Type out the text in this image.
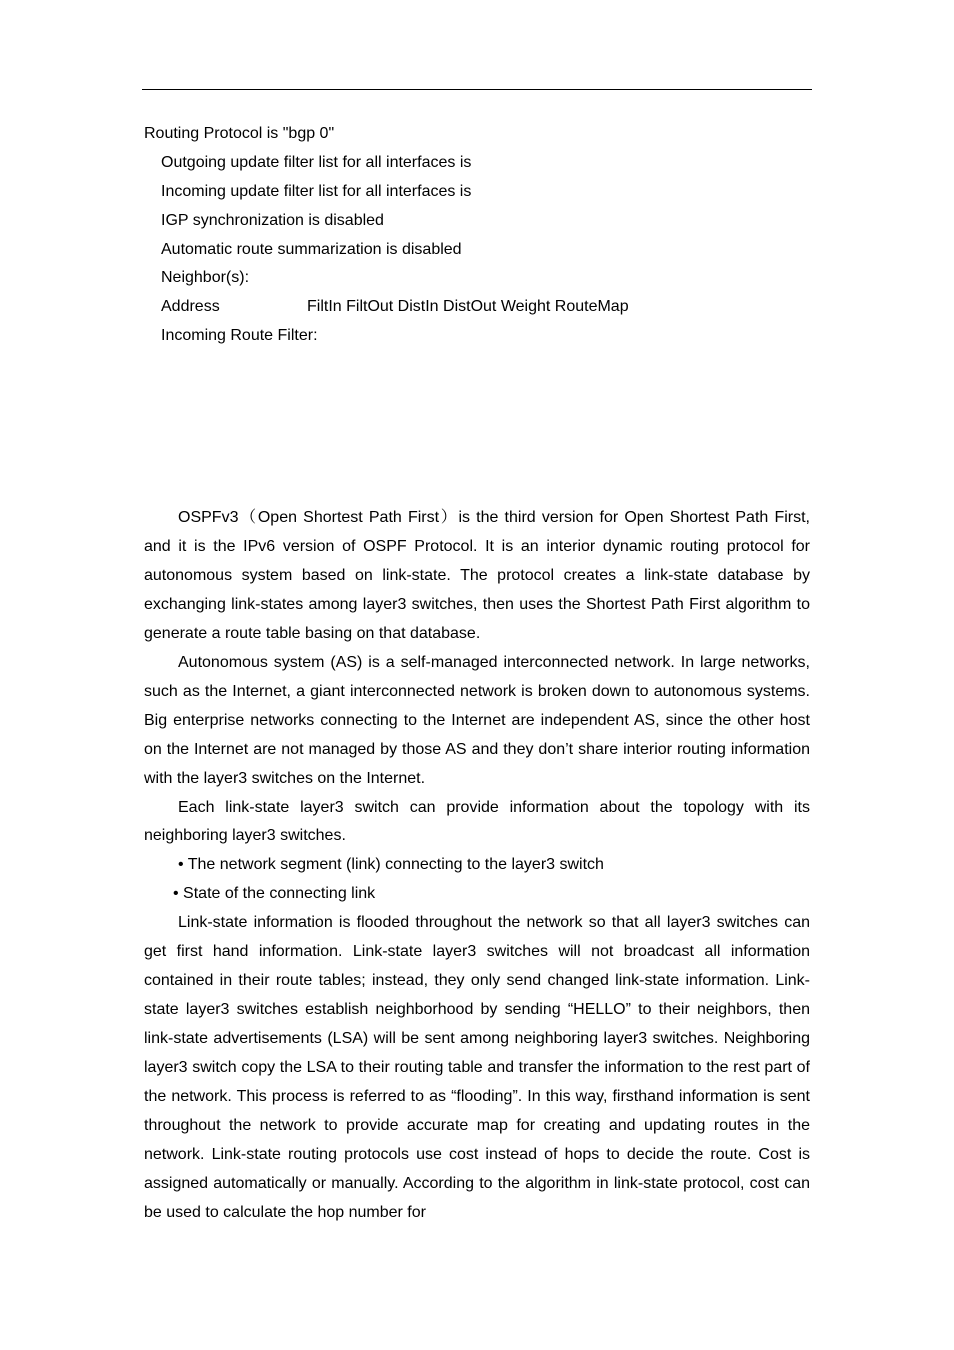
Routing Protocol is "bgp 0"
Outgoing update filter list for all interfaces is
Incoming update filter list for all interfaces is
IGP synchronization is disabled
Automatic route summarization is disabled
Neighbor(s):
Address	FiltIn FiltOut DistIn DistOut Weight RouteMap
Incoming Route Filter:

OSPFv3（Open Shortest Path First）is the third version for Open Shortest Path First, and it is the IPv6 version of OSPF Protocol. It is an interior dynamic routing protocol for autonomous system based on link-state. The protocol creates a link-state database by exchanging link-states among layer3 switches, then uses the Shortest Path First algorithm to generate a route table basing on that database.

Autonomous system (AS) is a self-managed interconnected network. In large networks, such as the Internet, a giant interconnected network is broken down to autonomous systems. Big enterprise networks connecting to the Internet are independent AS, since the other host on the Internet are not managed by those AS and they don’t share interior routing information with the layer3 switches on the Internet.

Each link-state layer3 switch can provide information about the topology with its neighboring layer3 switches.

• The network segment (link) connecting to the layer3 switch

• State of the connecting link

Link-state information is flooded throughout the network so that all layer3 switches can get first hand information. Link-state layer3 switches will not broadcast all information contained in their route tables; instead, they only send changed link-state information. Link-state layer3 switches establish neighborhood by sending “HELLO” to their neighbors, then link-state advertisements (LSA) will be sent among neighboring layer3 switches. Neighboring layer3 switch copy the LSA to their routing table and transfer the information to the rest part of the network. This process is referred to as “flooding”. In this way, firsthand information is sent throughout the network to provide accurate map for creating and updating routes in the network. Link-state routing protocols use cost instead of hops to decide the route. Cost is assigned automatically or manually. According to the algorithm in link-state protocol, cost can be used to calculate the hop number for
